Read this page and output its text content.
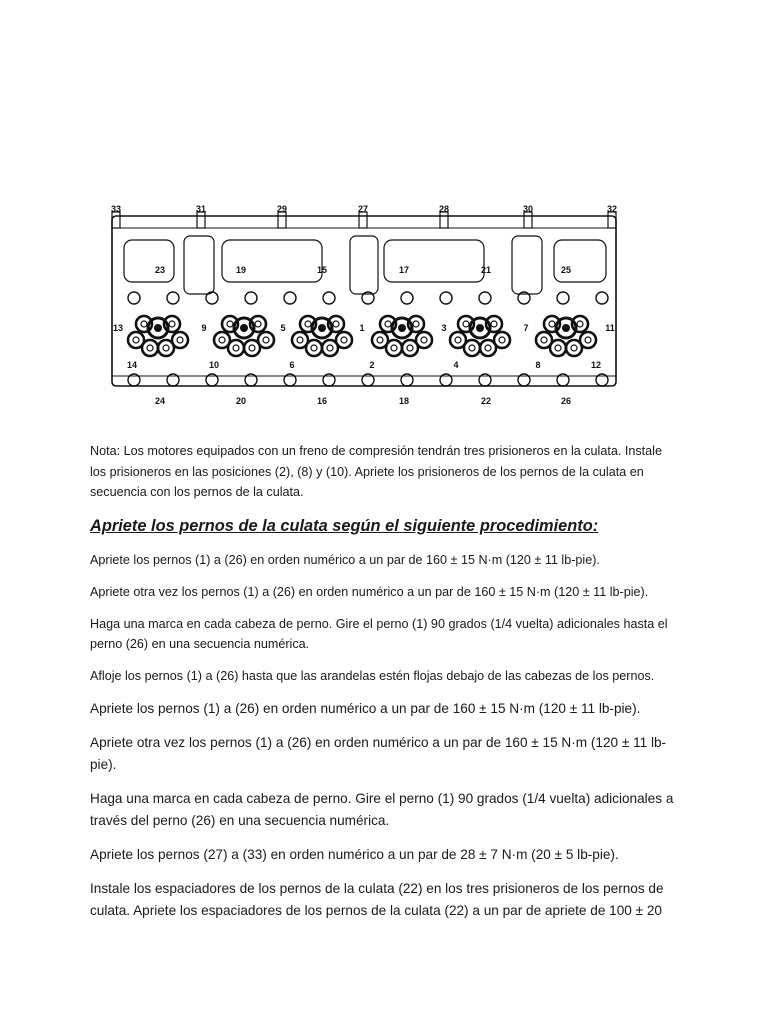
33	31	29	27	28	30	32
23	19	15	17	21	25
13	9	5	1	3	7	11
14	10	6	2	4	8	12
24	20	16	18	22	26

Nota: Los motores equipados con un freno de compresión tendrán tres prisioneros en la culata. Instale los prisioneros en las posiciones (2), (8) y (10). Apriete los prisioneros de los pernos de la culata en secuencia con los pernos de la culata.

Apriete los pernos de la culata según el siguiente procedimiento:

Apriete los pernos (1) a (26) en orden numérico a un par de 160 ± 15 N·m (120 ± 11 lb-pie).

Apriete otra vez los pernos (1) a (26) en orden numérico a un par de 160 ± 15 N·m (120 ± 11 lb-pie).

Haga una marca en cada cabeza de perno. Gire el perno (1) 90 grados (1/4 vuelta) adicionales hasta el perno (26) en una secuencia numérica.

Afloje los pernos (1) a (26) hasta que las arandelas estén flojas debajo de las cabezas de los pernos.

Apriete los pernos (1) a (26) en orden numérico a un par de 160 ± 15 N·m (120 ± 11 lb-pie).

Apriete otra vez los pernos (1) a (26) en orden numérico a un par de 160 ± 15 N·m (120 ± 11 lb-pie).

Haga una marca en cada cabeza de perno. Gire el perno (1) 90 grados (1/4 vuelta) adicionales a través del perno (26) en una secuencia numérica.

Apriete los pernos (27) a (33) en orden numérico a un par de 28 ± 7 N·m (20 ± 5 lb-pie).

Instale los espaciadores de los pernos de la culata (22) en los tres prisioneros de los pernos de culata. Apriete los espaciadores de los pernos de la culata (22) a un par de apriete de 100 ± 20
